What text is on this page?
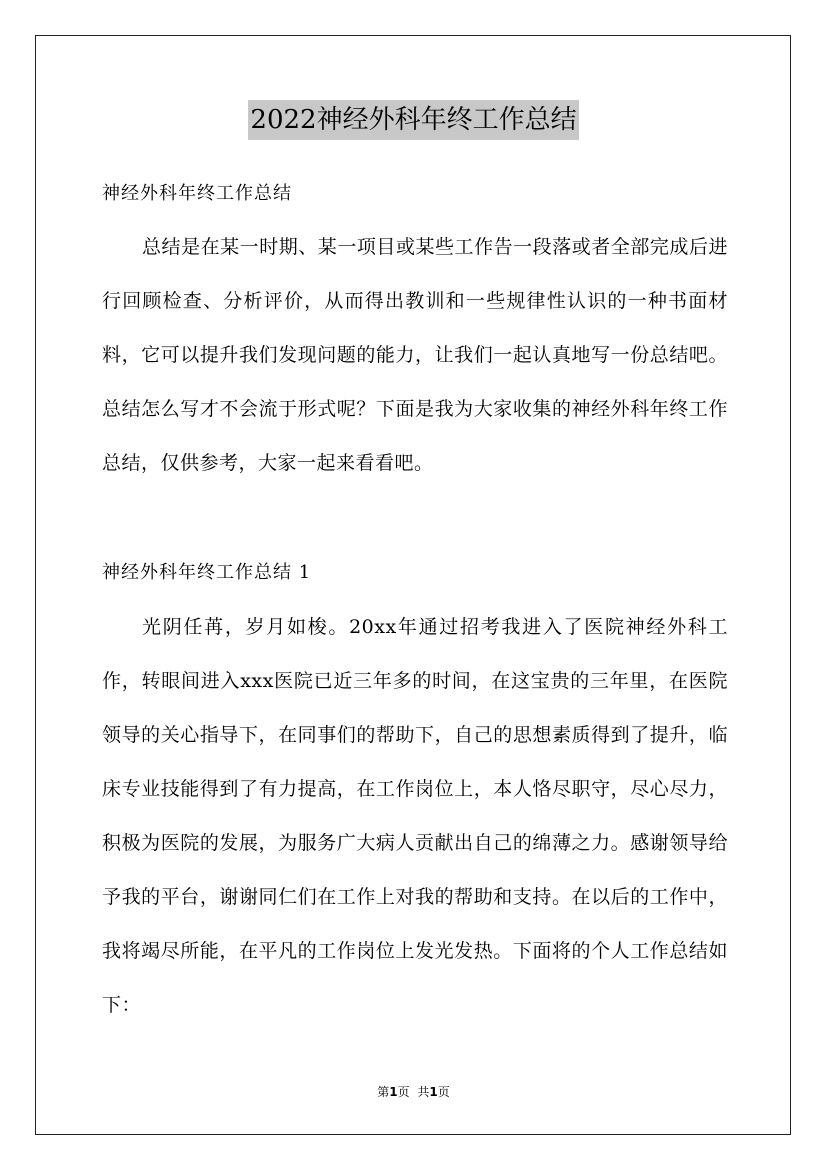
2022神经外科年终工作总结
神经外科年终工作总结

总结是在某一时期、某一项目或某些工作告一段落或者全部完成后进行回顾检查、分析评价，从而得出教训和一些规律性认识的一种书面材料，它可以提升我们发现问题的能力，让我们一起认真地写一份总结吧。总结怎么写才不会流于形式呢？下面是我为大家收集的神经外科年终工作总结，仅供参考，大家一起来看看吧。

神经外科年终工作总结 1

光阴任苒，岁月如梭。20xx年通过招考我进入了医院神经外科工作，转眼间进入xxx医院已近三年多的时间，在这宝贵的三年里，在医院领导的关心指导下，在同事们的帮助下，自己的思想素质得到了提升，临床专业技能得到了有力提高，在工作岗位上，本人恪尽职守，尽心尽力，积极为医院的发展，为服务广大病人贡献出自己的绵薄之力。感谢领导给予我的平台，谢谢同仁们在工作上对我的帮助和支持。在以后的工作中，我将竭尽所能，在平凡的工作岗位上发光发热。下面将的个人工作总结如下：

第1页 共1页
